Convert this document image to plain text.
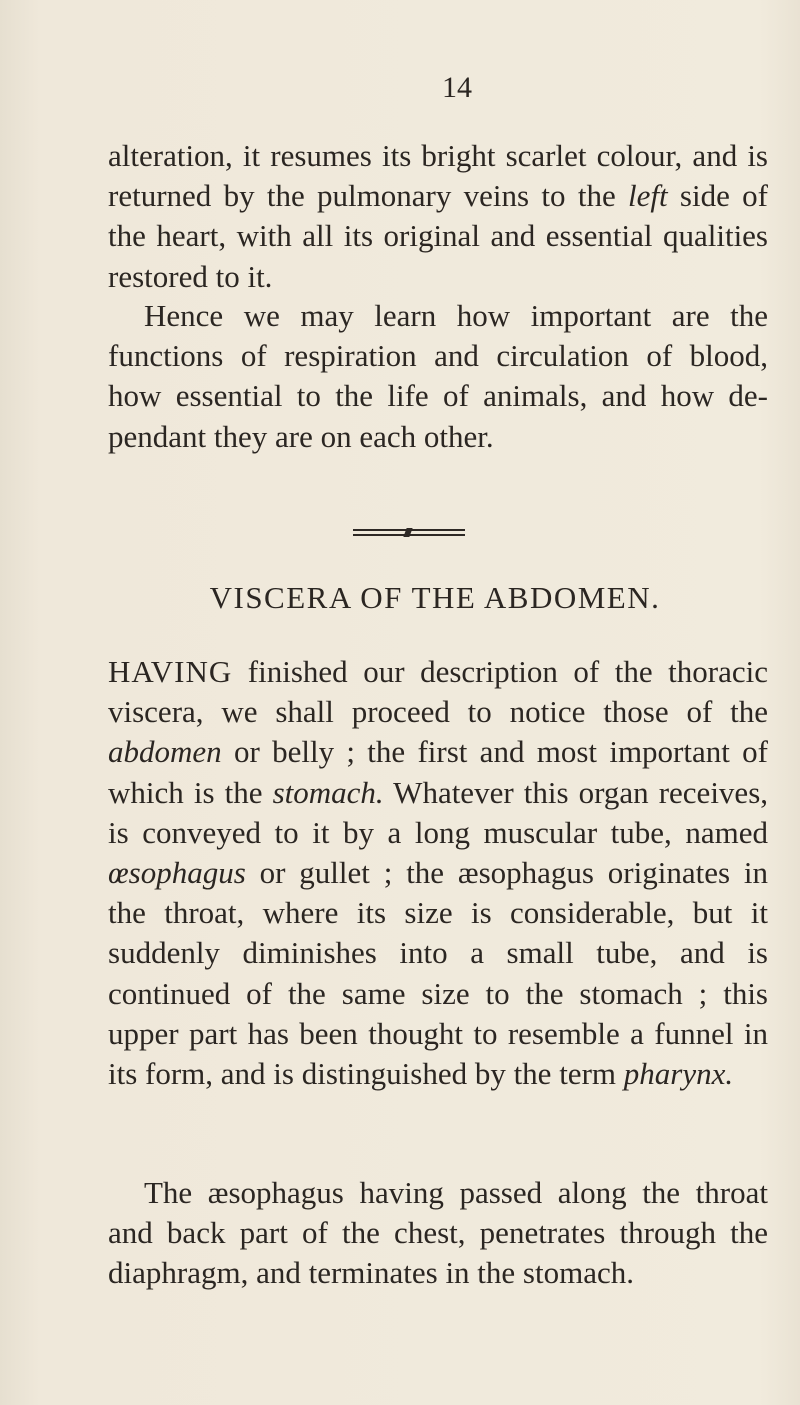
14

alteration, it resumes its bright scarlet colour, and is returned by the pulmonary veins to the left side of the heart, with all its original and essential qualities restored to it.

Hence we may learn how important are the functions of respiration and circulation of blood, how essential to the life of animals, and how dependant they are on each other.

VISCERA OF THE ABDOMEN.

HAVING finished our description of the thoracic viscera, we shall proceed to notice those of the abdomen or belly ; the first and most important of which is the stomach. Whatever this organ receives, is conveyed to it by a long muscular tube, named œsophagus or gullet ; the æsophagus originates in the throat, where its size is considerable, but it suddenly diminishes into a small tube, and is continued of the same size to the stomach ; this upper part has been thought to resemble a funnel in its form, and is distinguished by the term pharynx.

The æsophagus having passed along the throat and back part of the chest, penetrates through the diaphragm, and terminates in the stomach.
